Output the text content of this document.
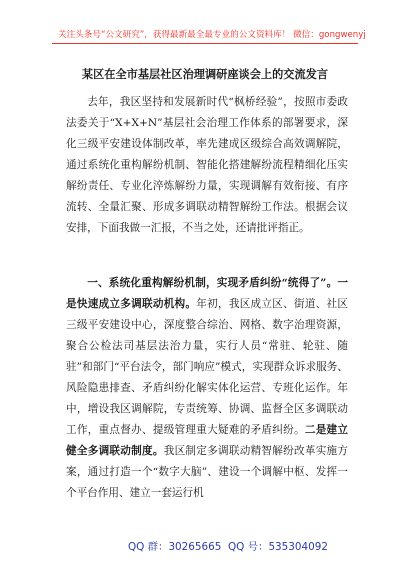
关注头条号“公文研究”，获得最新最全最专业的公文资料库！ 微信：gongwenyj
某区在全市基层社区治理调研座谈会上的交流发言
去年，我区坚持和发展新时代“枫桥经验”，按照市委政法委关于“X+X+N”基层社会治理工作体系的部署要求，深化三级平安建设体制改革，率先建成区级综合高效调解院，通过系统化重构解纷机制、智能化搭建解纷流程精细化压实解纷责任、专业化淬炼解纷力量，实现调解有效衔接、有序流转、全量汇聚、形成多调联动精智解纷工作法。根据会议安排，下面我做一汇报，不当之处，还请批评指正。
一、系统化重构解纷机制，实现矛盾纠纷“统得了”。一是快速成立多调联动机构。年初，我区成立区、街道、社区三级平安建设中心，深度整合综治、网格、数字治理资源，聚合公检法司基层法治力量，实行人员“常驻、轮驻、随驻”和部门“平台法令，部门响应”模式，实现群众诉求服务、风险隐患排查、矛盾纠纷化解实体化运营、专班化运作。年中，增设我区调解院，专责统筹、协调、监督全区多调联动工作，重点督办、提级管理重大疑难的矛盾纠纷。二是建立健全多调联动制度。我区制定多调联动精智解纷改革实施方案，通过打造一个“数字大脑”、建设一个调解中枢、发挥一个平台作用、建立一套运行机
QQ 群：30265665 QQ 号：535304092
